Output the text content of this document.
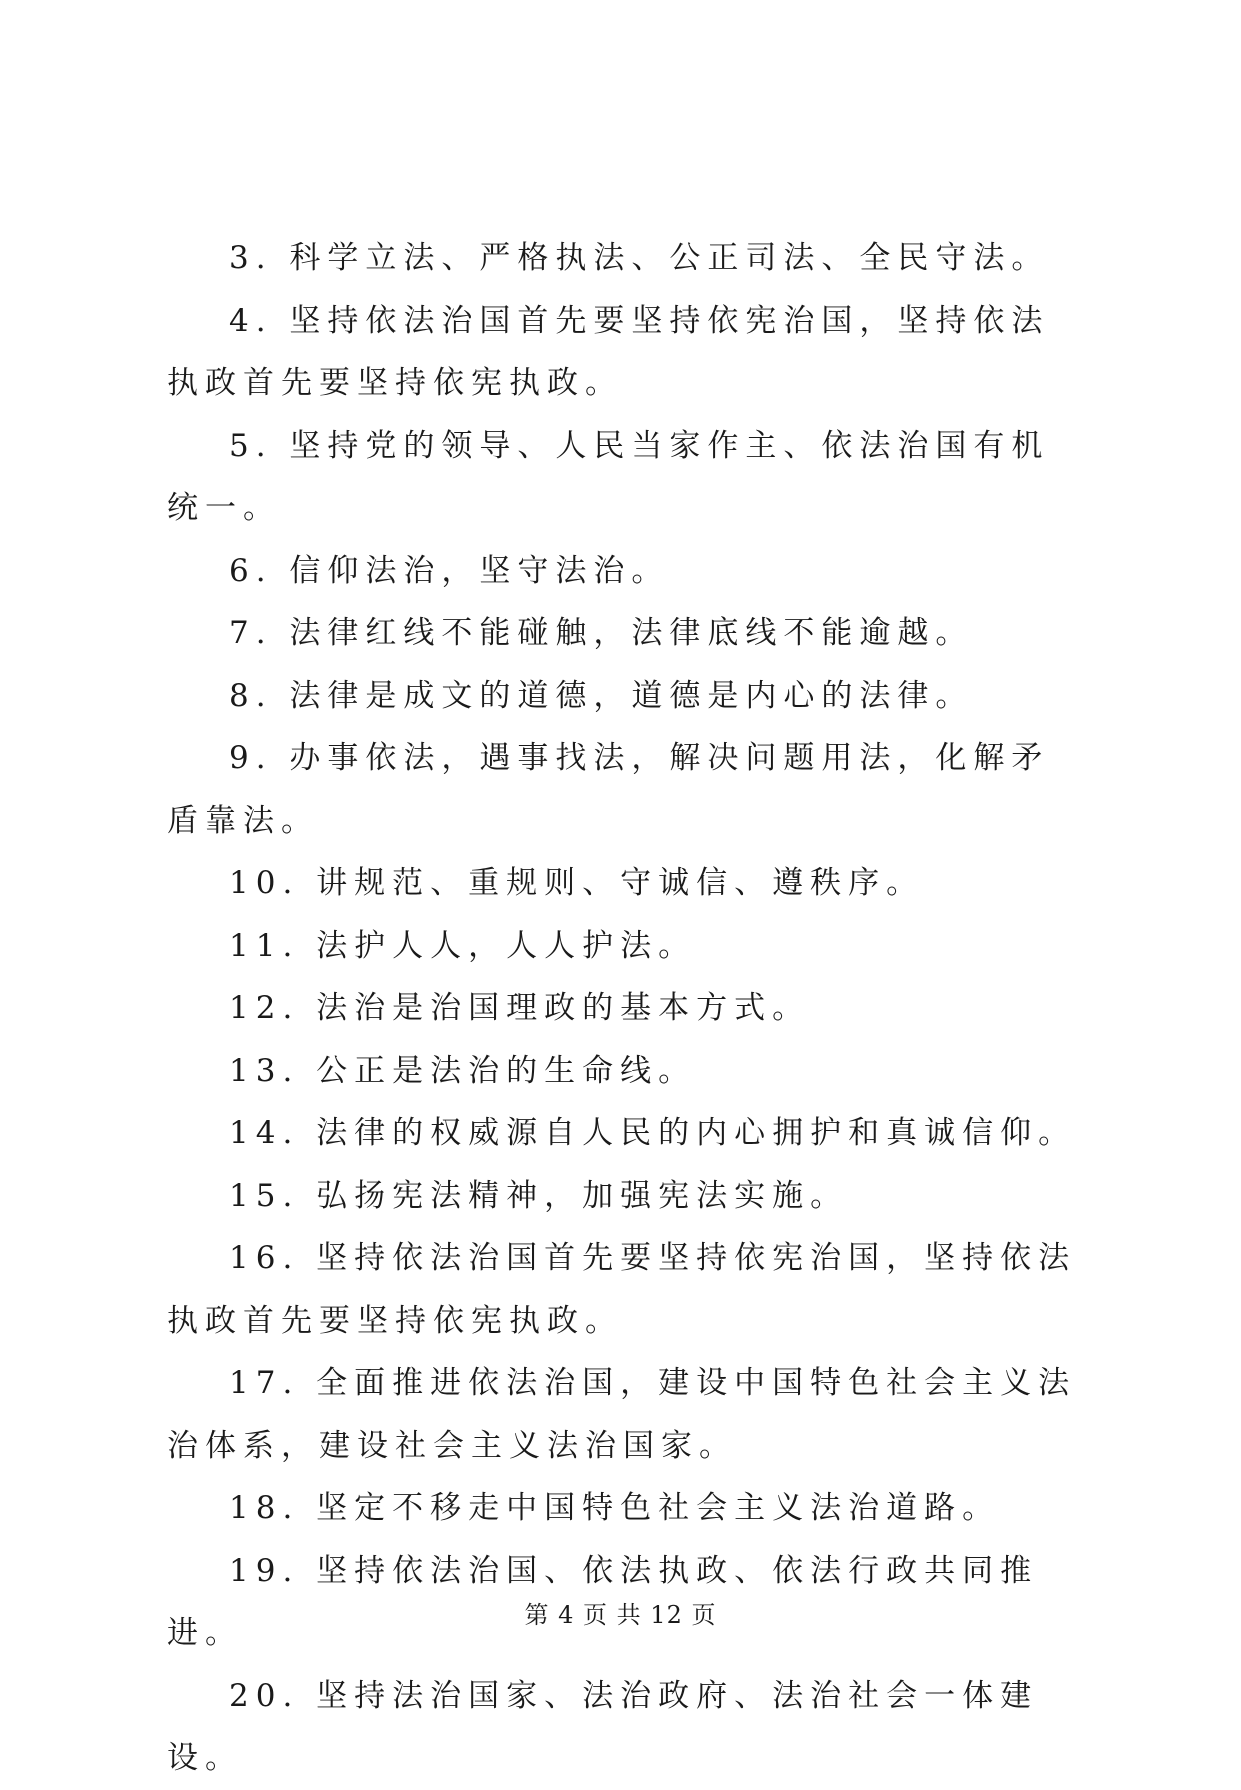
3. 科学立法、严格执法、公正司法、全民守法。

4. 坚持依法治国首先要坚持依宪治国，坚持依法执政首先要坚持依宪执政。

5. 坚持党的领导、人民当家作主、依法治国有机统一。

6. 信仰法治，坚守法治。

7. 法律红线不能碰触，法律底线不能逾越。

8. 法律是成文的道德，道德是内心的法律。

9. 办事依法，遇事找法，解决问题用法，化解矛盾靠法。

10. 讲规范、重规则、守诚信、遵秩序。

11. 法护人人，人人护法。

12. 法治是治国理政的基本方式。

13. 公正是法治的生命线。

14. 法律的权威源自人民的内心拥护和真诚信仰。

15. 弘扬宪法精神，加强宪法实施。

16. 坚持依法治国首先要坚持依宪治国，坚持依法执政首先要坚持依宪执政。

17. 全面推进依法治国，建设中国特色社会主义法治体系，建设社会主义法治国家。

18. 坚定不移走中国特色社会主义法治道路。

19. 坚持依法治国、依法执政、依法行政共同推进。

20. 坚持法治国家、法治政府、法治社会一体建设。

第 4 页 共 12 页
